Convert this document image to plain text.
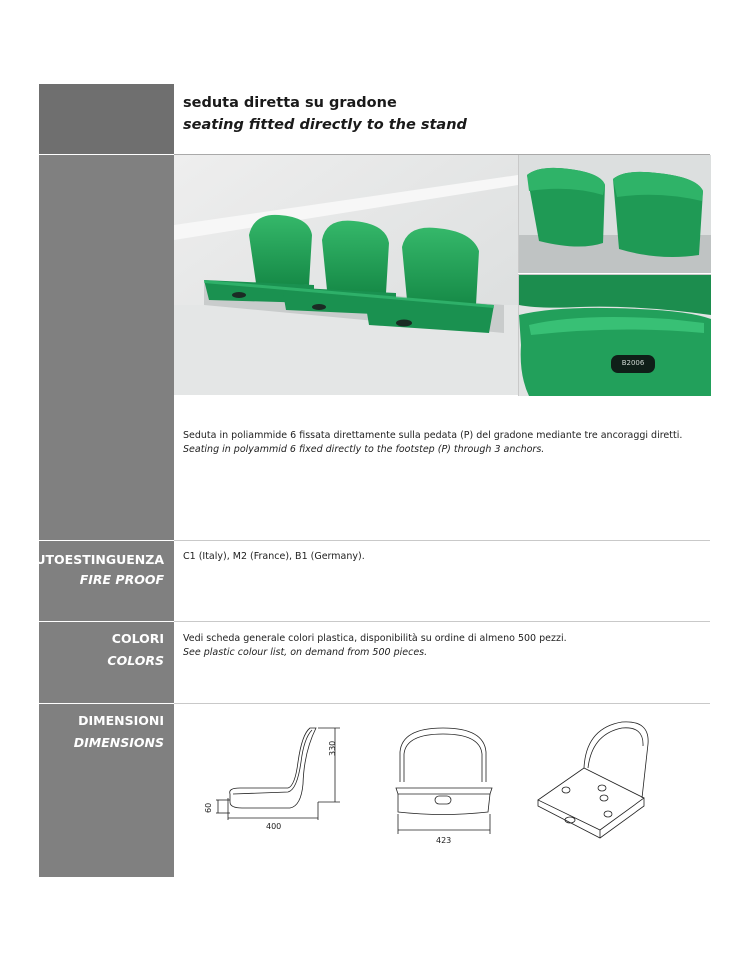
AUTOESTINGUENZA
FIRE PROOF
COLORI
COLORS
DIMENSIONI
DIMENSIONS
seduta diretta su gradone
seating fitted directly to the stand
B2006
Seduta in poliammide 6 fissata direttamente sulla pedata (P) del gradone mediante tre ancoraggi diretti.
Seating in polyammid 6 fixed directly to the footstep (P) through 3 anchors.
C1 (Italy), M2 (France), B1 (Germany).
Vedi scheda generale colori plastica, disponibilità su ordine di almeno 500 pezzi.
See plastic colour list, on demand from 500 pieces.
330
60
400
423
